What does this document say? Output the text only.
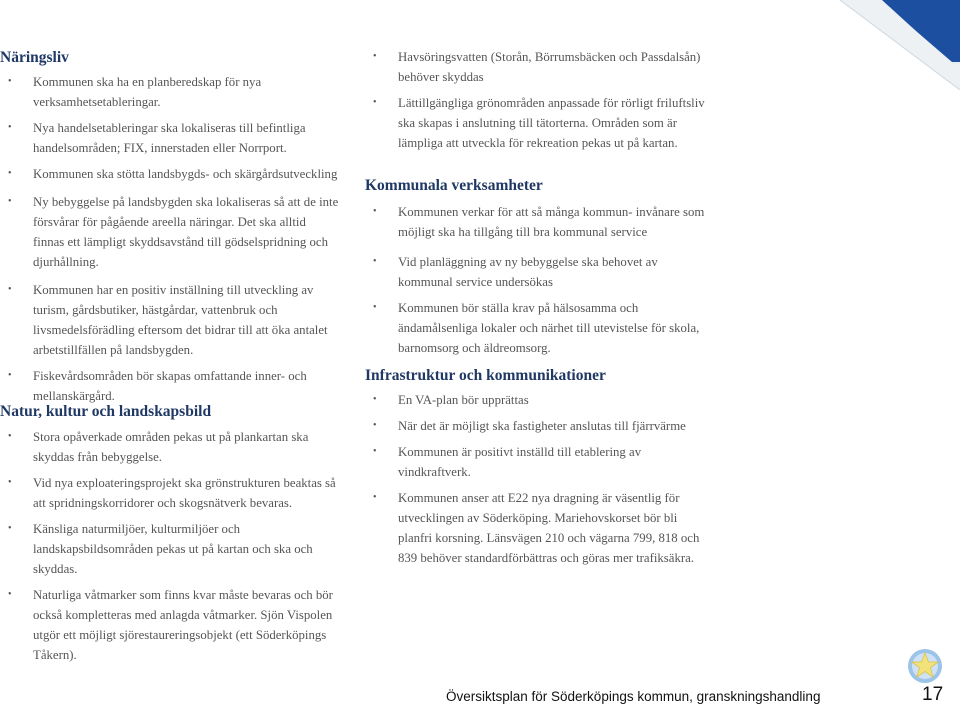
Näringsliv
• Kommunen ska ha en planberedskap för nya verksamhetsetableringar.
• Nya handelsetableringar ska lokaliseras till befintliga handelsområden; FIX, innerstaden eller Norrport.
• Kommunen ska stötta landsbygds- och skärgårdsutveckling
• Ny bebyggelse på landsbygden ska lokaliseras så att de inte försvårar för pågående areella näringar. Det ska alltid finnas ett lämpligt skyddsavstånd till gödselspridning och djurhållning.
• Kommunen har en positiv inställning till utveckling av turism, gårdsbutiker, hästgårdar, vattenbruk och livsmedelsförädling eftersom det bidrar till att öka antalet arbetstillfällen på landsbygden.
• Fiskevårdsområden bör skapas omfattande inner- och mellanskärgård.
Natur, kultur och landskapsbild
• Stora opåverkade områden pekas ut på plankartan ska skyddas från bebyggelse.
• Vid nya exploateringsprojekt ska grönstrukturen beaktas så att spridningskorridorer och skogsnätverk bevaras.
• Känsliga naturmiljöer, kulturmiljöer och landskapsbildsområden pekas ut på kartan och ska och skyddas.
• Naturliga våtmarker som finns kvar måste bevaras och bör också kompletteras med anlagda våtmarker. Sjön Vispolen utgör ett möjligt sjörestaureringsobjekt (ett Söderköpings Tåkern).
• Havsöringsvatten (Storån, Börrumsbäcken och Passdalsån) behöver skyddas
• Lättillgängliga grönområden anpassade för rörligt friluftsliv ska skapas i anslutning till tätorterna. Områden som är lämpliga att utveckla för rekreation pekas ut på kartan.
Kommunala verksamheter
• Kommunen verkar för att så många kommun- invånare som möjligt ska ha tillgång till bra kommunal service
• Vid planläggning av ny bebyggelse ska behovet av kommunal service undersökas
• Kommunen bör ställa krav på hälsosamma och ändamålsenliga lokaler och närhet till utevistelse för skola, barnomsorg och äldreomsorg.
Infrastruktur och kommunikationer
• En VA-plan bör upprättas
• När det är möjligt ska fastigheter anslutas till fjärrvärme
• Kommunen är positivt inställd till etablering av vindkraftverk.
• Kommunen anser att E22 nya dragning är väsentlig för utvecklingen av Söderköping. Mariehovskorset bör bli planfri korsning. Länsvägen 210 och vägarna 799, 818 och 839 behöver standardförbättras och göras mer trafiksäkra.
Översiktsplan för Söderköpings kommun, granskningshandling	17
